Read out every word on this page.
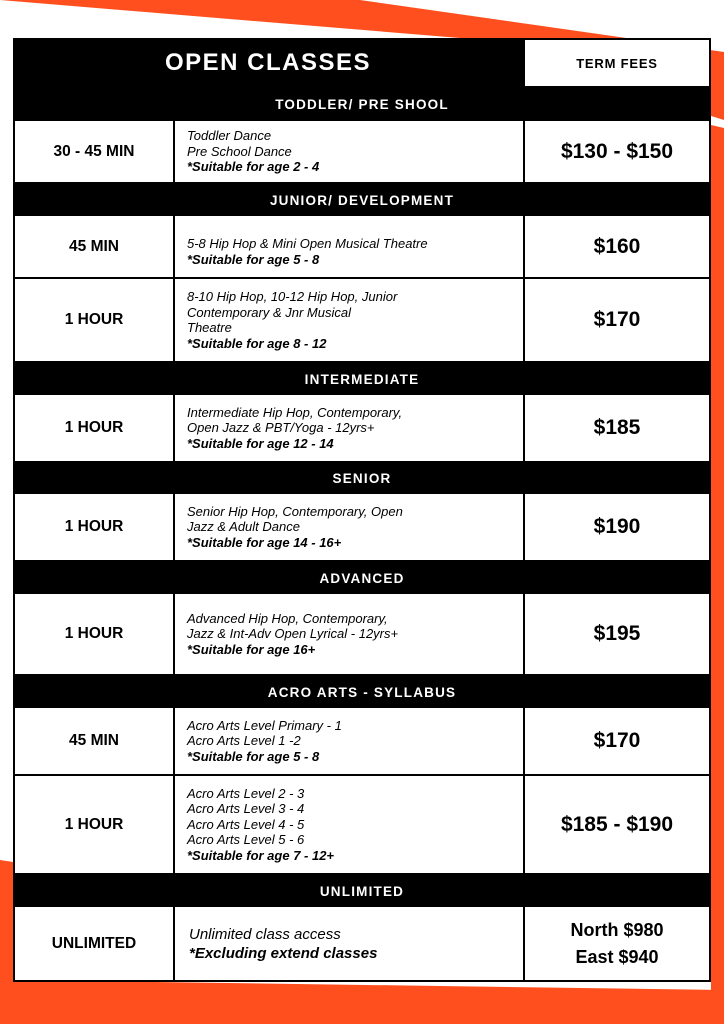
OPEN CLASSES	TERM FEES
TODDLER/ PRE SHOOL
30 - 45 MIN
Toddler Dance
Pre School Dance
*Suitable for age 2 - 4
$130 - $150
JUNIOR/ DEVELOPMENT
45 MIN	5-8 Hip Hop & Mini Open Musical Theatre
*Suitable for age 5 - 8
$160
1 HOUR
8-10 Hip Hop, 10-12 Hip Hop, Junior
Contemporary & Jnr Musical
Theatre
*Suitable for age 8 - 12
$170
INTERMEDIATE
1 HOUR
Intermediate Hip Hop, Contemporary,
Open Jazz & PBT/Yoga - 12yrs+
*Suitable for age 12 - 14
$185
SENIOR
1 HOUR
Senior Hip Hop, Contemporary, Open
Jazz & Adult Dance
*Suitable for age 14 - 16+
$190
ADVANCED
1 HOUR
Advanced Hip Hop, Contemporary,
Jazz & Int-Adv Open Lyrical - 12yrs+
*Suitable for age 16+
$195
ACRO ARTS - SYLLABUS
45 MIN
Acro Arts Level Primary - 1
Acro Arts Level 1 -2
*Suitable for age 5 - 8
$170
1 HOUR
Acro Arts Level 2 - 3
Acro Arts Level 3 - 4
Acro Arts Level 4 - 5
Acro Arts Level 5 - 6
*Suitable for age 7 - 12+
$185 - $190
UNLIMITED
UNLIMITED
Unlimited class access
*Excluding extend classes
North $980
East $940
